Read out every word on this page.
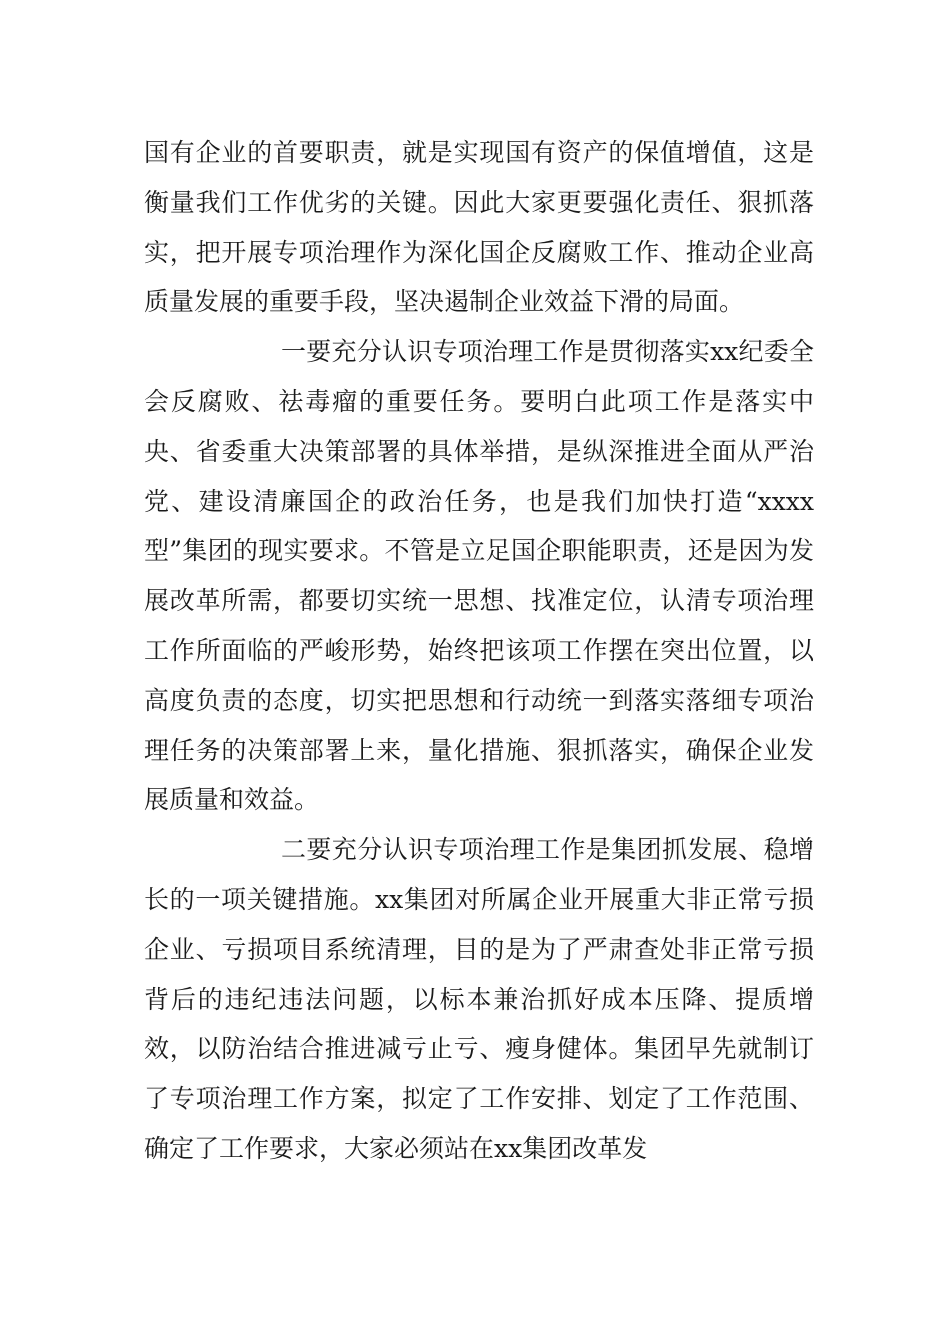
国有企业的首要职责，就是实现国有资产的保值增值，这是衡量我们工作优劣的关键。因此大家更要强化责任、狠抓落实，把开展专项治理作为深化国企反腐败工作、推动企业高质量发展的重要手段，坚决遏制企业效益下滑的局面。

一要充分认识专项治理工作是贯彻落实xx纪委全会反腐败、祛毒瘤的重要任务。要明白此项工作是落实中央、省委重大决策部署的具体举措，是纵深推进全面从严治党、建设清廉国企的政治任务，也是我们加快打造“xxxx型”集团的现实要求。不管是立足国企职能职责，还是因为发展改革所需，都要切实统一思想、找准定位，认清专项治理工作所面临的严峻形势，始终把该项工作摆在突出位置，以高度负责的态度，切实把思想和行动统一到落实落细专项治理任务的决策部署上来，量化措施、狠抓落实，确保企业发展质量和效益。

二要充分认识专项治理工作是集团抓发展、稳增长的一项关键措施。xx集团对所属企业开展重大非正常亏损企业、亏损项目系统清理，目的是为了严肃查处非正常亏损背后的违纪违法问题，以标本兼治抓好成本压降、提质增效，以防治结合推进减亏止亏、瘦身健体。集团早先就制订了专项治理工作方案，拟定了工作安排、划定了工作范围、确定了工作要求，大家必须站在xx集团改革发
